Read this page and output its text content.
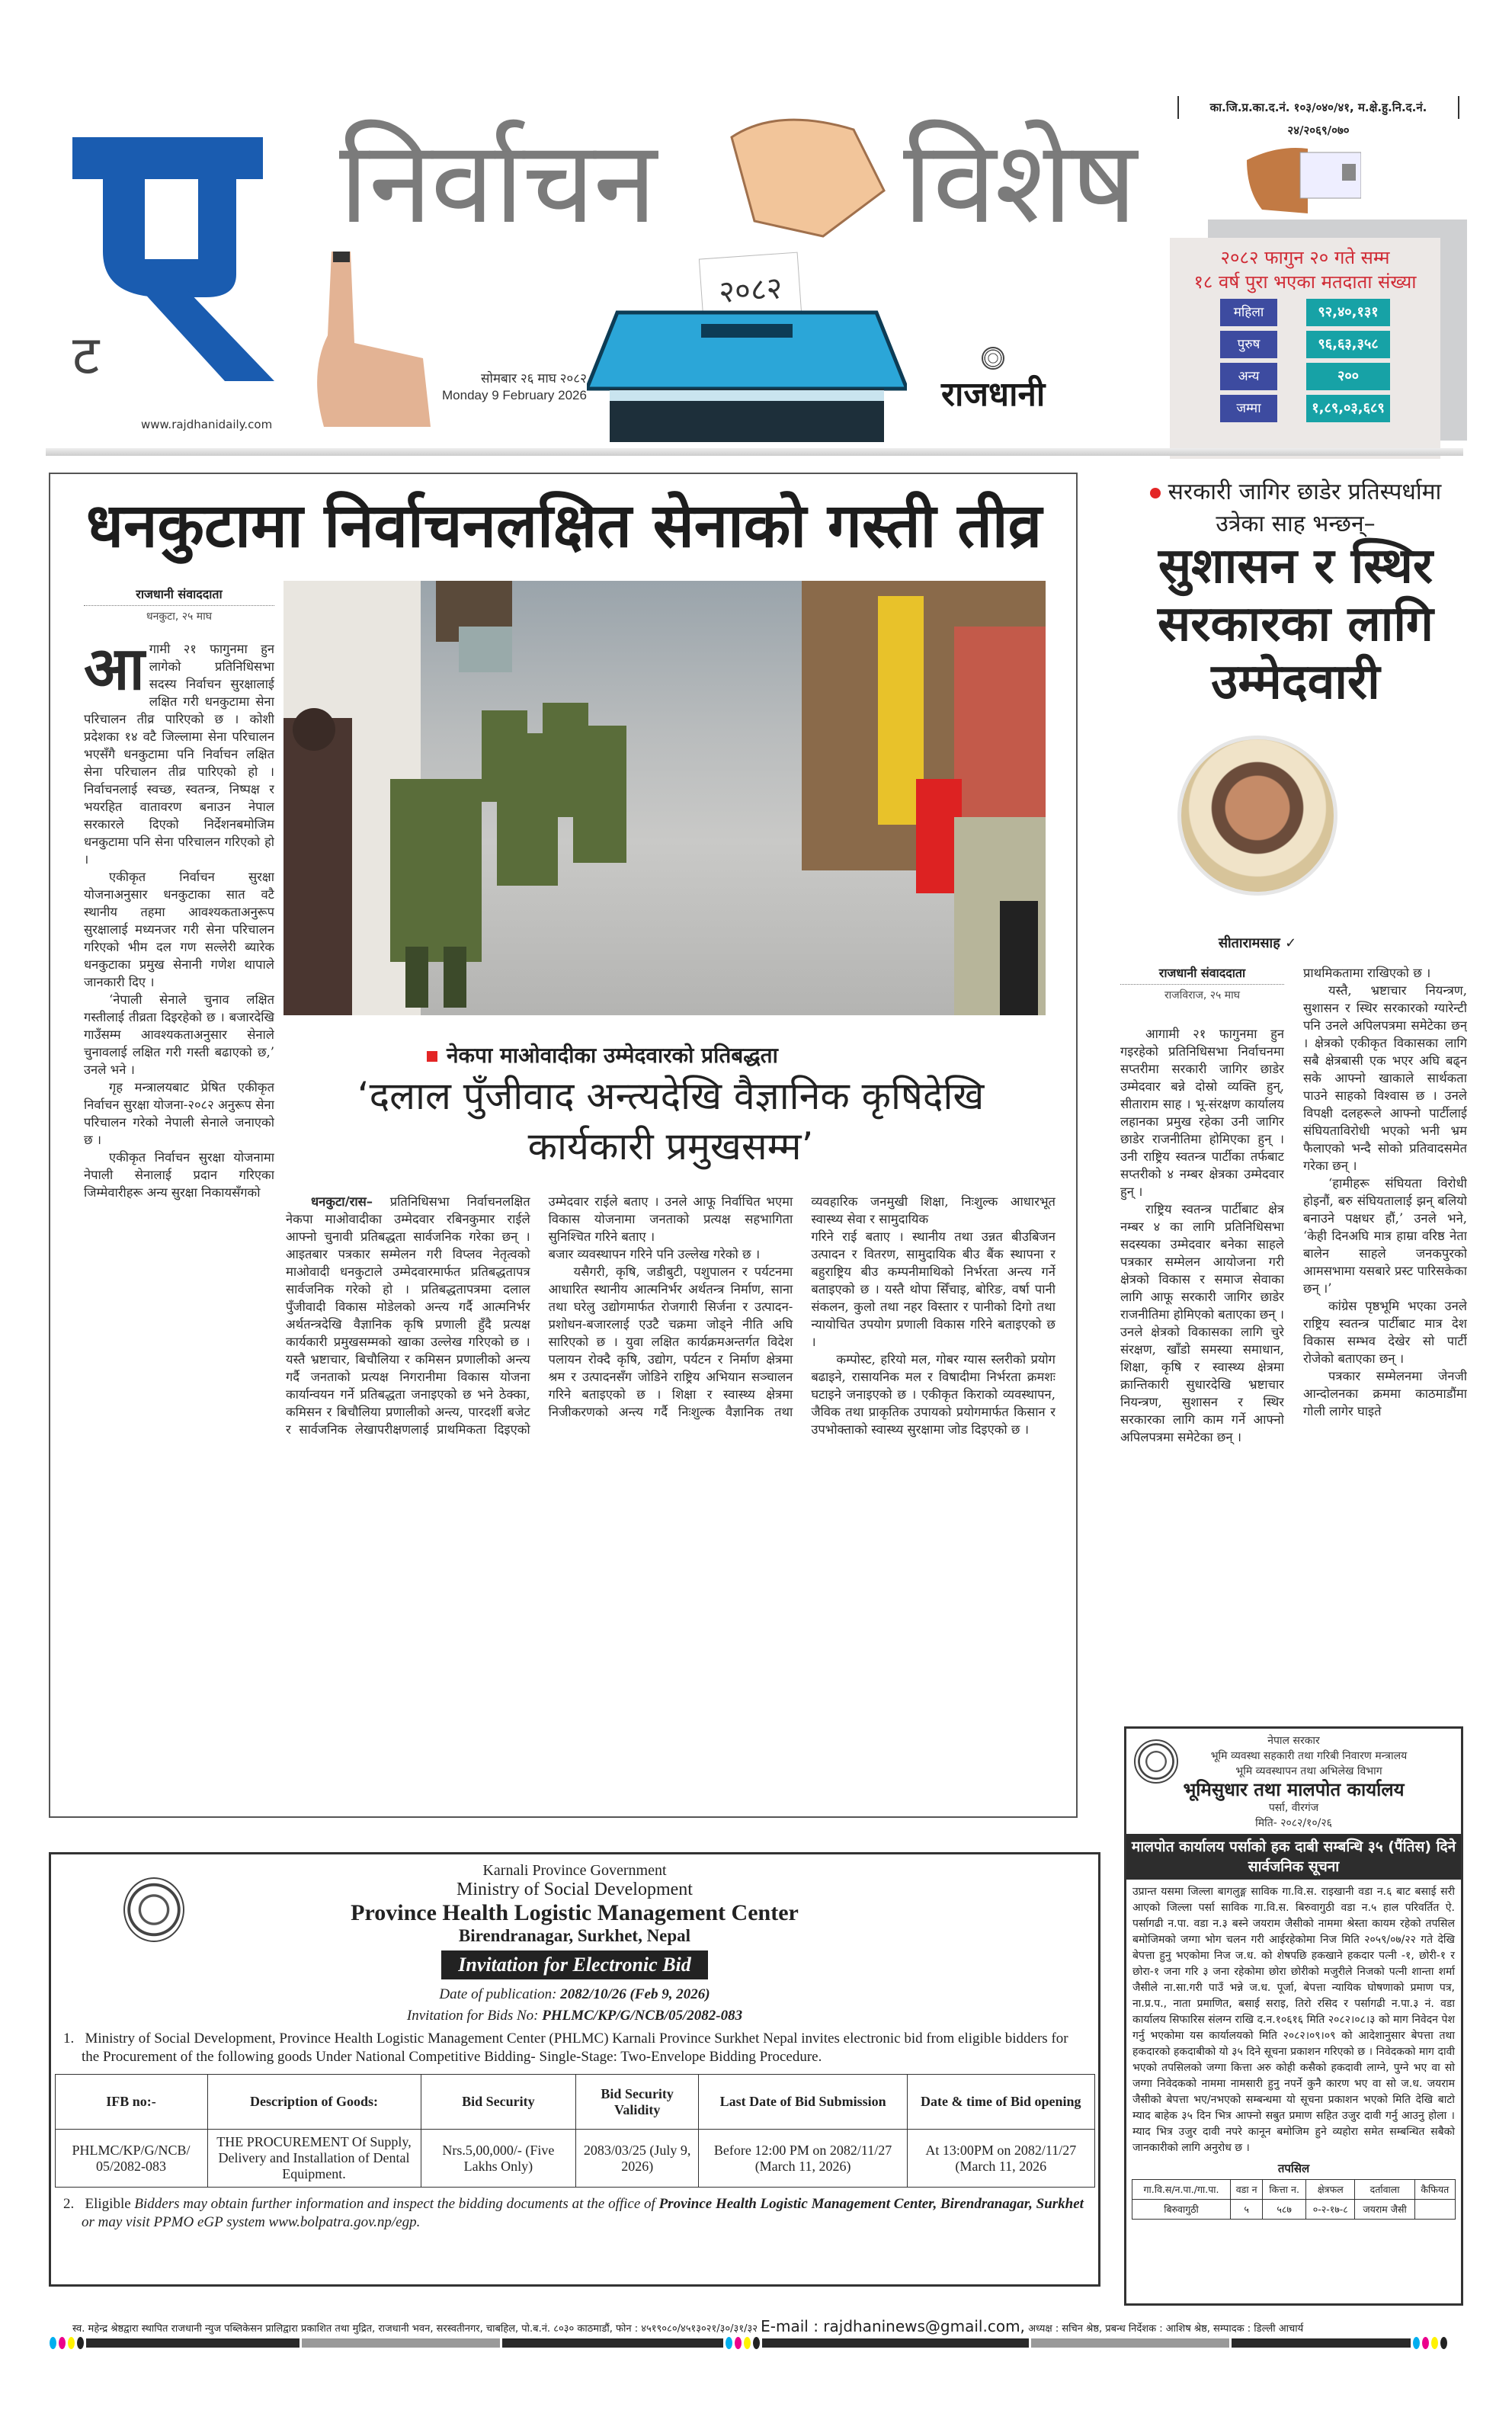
का.जि.प्र.का.द.नं. १०३/०४०/४१, म.क्षे.हु.नि.द.नं. २४/२०६९/०७०
ट
www.rajdhanidaily.com
निर्वाचन विशेष
२०८२
सोमबार २६ माघ २०८२
Monday 9 February 2026	राजधानी
२०८२ फागुन २० गते सम्म
१८ वर्ष पुरा भएका मतदाता संख्या
महिला	९२,४०,१३१
पुरुष	९६,६३,३५८
अन्य	२००
जम्मा	१,८९,०३,६८९
धनकुटामा निर्वाचनलक्षित सेनाको गस्ती तीव्र
राजधानी संवाददाता
धनकुटा, २५ माघ
आ गामी २१ फागुनमा हुन लागेको प्रतिनिधिसभा सदस्य निर्वाचन सुरक्षालाई लक्षित गरी धनकुटामा सेना परिचालन तीव्र पारिएको छ । कोशी प्रदेशका १४ वटै जिल्लामा सेना परिचालन भएसँगै धनकुटामा पनि निर्वाचन लक्षित सेना परिचालन तीव्र पारिएको हो । निर्वाचनलाई स्वच्छ, स्वतन्त्र, निष्पक्ष र भयरहित वातावरण बनाउन नेपाल सरकारले दिएको निर्देशनबमोजिम धनकुटामा पनि सेना परिचालन गरिएको हो ।

एकीकृत निर्वाचन सुरक्षा योजनाअनुसार धनकुटाका सात वटै स्थानीय तहमा आवश्यकताअनुरूप सुरक्षालाई मध्यनजर गरी सेना परिचालन गरिएको भीम दल गण सल्लेरी ब्यारेक धनकुटाका प्रमुख सेनानी गणेश थापाले जानकारी दिए ।

‘नेपाली सेनाले चुनाव लक्षित गस्तीलाई तीव्रता दिइरहेको छ । बजारदेखि गाउँसम्म आवश्यकताअनुसार सेनाले चुनावलाई लक्षित गरी गस्ती बढाएको छ,’ उनले भने ।

गृह मन्त्रालयबाट प्रेषित एकीकृत निर्वाचन सुरक्षा योजना-२०८२ अनुरूप सेना परिचालन गरेको नेपाली सेनाले जनाएको छ ।

एकीकृत निर्वाचन सुरक्षा योजनामा नेपाली सेनालाई प्रदान गरिएका जिम्मेवारीहरू अन्य सुरक्षा निकायसँगको

नेकपा माओवादीका उम्मेदवारको प्रतिबद्धता
‘दलाल पुँजीवाद अन्त्यदेखि वैज्ञानिक कृषिदेखि कार्यकारी प्रमुखसम्म’

धनकुटा/रास– प्रतिनिधिसभा निर्वाचनलक्षित नेकपा माओवादीका उम्मेदवार रबिनकुमार राईले आफ्नो चुनावी प्रतिबद्धता सार्वजनिक गरेका छन् । आइतबार पत्रकार सम्मेलन गरी विप्लव नेतृत्वको माओवादी धनकुटाले उम्मेदवारमार्फत प्रतिबद्धतापत्र सार्वजनिक गरेको हो । प्रतिबद्धतापत्रमा दलाल पुँजीवादी विकास मोडेलको अन्त्य गर्दै आत्मनिर्भर अर्थतन्त्रदेखि वैज्ञानिक कृषि प्रणाली हुँदै प्रत्यक्ष कार्यकारी प्रमुखसम्मको खाका उल्लेख गरिएको छ । यस्तै भ्रष्टाचार, बिचौलिया र कमिसन प्रणालीको अन्त्य गर्दै जनताको प्रत्यक्ष निगरानीमा विकास योजना कार्यान्वयन गर्ने प्रतिबद्धता जनाइएको छ भने ठेक्का, कमिसन र बिचौलिया प्रणालीको अन्त्य, पारदर्शी बजेट र सार्वजनिक लेखापरीक्षणलाई प्राथमिकता दिइएको उम्मेदवार राईले बताए । उनले आफू निर्वाचित भएमा विकास योजनामा जनताको प्रत्यक्ष सहभागिता सुनिश्चित गरिने बताए ।

बजार व्यवस्थापन गरिने पनि उल्लेख गरेको छ ।

यसैगरी, कृषि, जडीबुटी, पशुपालन र पर्यटनमा आधारित स्थानीय आत्मनिर्भर अर्थतन्त्र निर्माण, साना तथा घरेलु उद्योगमार्फत रोजगारी सिर्जना र उत्पादन-प्रशोधन-बजारलाई एउटै चक्रमा जोड्ने नीति अघि सारिएको छ । युवा लक्षित कार्यक्रमअन्तर्गत विदेश पलायन रोक्दै कृषि, उद्योग, पर्यटन र निर्माण क्षेत्रमा श्रम र उत्पादनसँग जोडिने राष्ट्रिय अभियान सञ्चालन गरिने बताइएको छ । शिक्षा र स्वास्थ्य क्षेत्रमा निजीकरणको अन्त्य गर्दै निःशुल्क वैज्ञानिक तथा व्यवहारिक जनमुखी शिक्षा, निःशुल्क आधारभूत स्वास्थ्य सेवा र सामुदायिक

गरिने राई बताए । स्थानीय तथा उन्नत बीउबिजन उत्पादन र वितरण, सामुदायिक बीउ बैंक स्थापना र बहुराष्ट्रिय बीउ कम्पनीमाथिको निर्भरता अन्त्य गर्ने बताइएको छ । यस्तै थोपा सिँचाइ, बोरिङ, वर्षा पानी संकलन, कुलो तथा नहर विस्तार र पानीको दिगो तथा न्यायोचित उपयोग प्रणाली विकास गरिने बताइएको छ ।

कम्पोस्ट, हरियो मल, गोबर ग्यास स्लरीको प्रयोग बढाइने, रासायनिक मल र विषादीमा निर्भरता क्रमशः घटाइने जनाइएको छ । एकीकृत किराको व्यवस्थापन, जैविक तथा प्राकृतिक उपायको प्रयोगमार्फत किसान र उपभोक्ताको स्वास्थ्य सुरक्षामा जोड दिइएको छ ।

सरकारी जागिर छाडेर प्रतिस्पर्धामा
उत्रेका साह भन्छन्–
सुशासन र स्थिर सरकारका लागि उम्मेदवारी
सीतारामसाह ✓
राजधानी संवाददाता
राजविराज, २५ माघ

आगामी २१ फागुनमा हुन गइरहेको प्रतिनिधिसभा निर्वाचनमा सप्तरीमा सरकारी जागिर छाडेर उम्मेदवार बन्ने दोस्रो व्यक्ति हुन्, सीताराम साह । भू-संरक्षण कार्यालय लहानका प्रमुख रहेका उनी जागिर छाडेर राजनीतिमा होमिएका हुन् । उनी राष्ट्रिय स्वतन्त्र पार्टीका तर्फबाट सप्तरीको ४ नम्बर क्षेत्रका उम्मेदवार हुन् ।

राष्ट्रिय स्वतन्त्र पार्टीबाट क्षेत्र नम्बर ४ का लागि प्रतिनिधिसभा सदस्यका उम्मेदवार बनेका साहले पत्रकार सम्मेलन आयोजना गरी क्षेत्रको विकास र समाज सेवाका लागि आफू सरकारी जागिर छाडेर राजनीतिमा होमिएको बताएका छन् । उनले क्षेत्रको विकासका लागि चुरे संरक्षण, खाँडो समस्या समाधान, शिक्षा, कृषि र स्वास्थ्य क्षेत्रमा क्रान्तिकारी सुधारदेखि भ्रष्टाचार नियन्त्रण, सुशासन र स्थिर सरकारका लागि काम गर्ने आफ्नो अपिलपत्रमा समेटेका छन् ।

प्राथमिकतामा राखिएको छ ।

यस्तै, भ्रष्टाचार नियन्त्रण, सुशासन र स्थिर सरकारको ग्यारेन्टी पनि उनले अपिलपत्रमा समेटेका छन् । क्षेत्रको एकीकृत विकासका लागि सबै क्षेत्रबासी एक भएर अघि बढ्न सके आफ्नो खाकाले सार्थकता पाउने साहको विश्वास छ । उनले विपक्षी दलहरूले आफ्नो पार्टीलाई संघियताविरोधी भएको भनी भ्रम फैलाएको भन्दै सोको प्रतिवादसमेत गरेका छन् ।

‘हामीहरू संघियता विरोधी होइनौं, बरु संघियतालाई झन् बलियो बनाउने पक्षधर हौं,’ उनले भने, ‘केही दिनअघि मात्र हाम्रा वरिष्ठ नेता बालेन साहले जनकपुरको आमसभामा यसबारे प्रस्ट पारिसकेका छन् ।’

कांग्रेस पृष्ठभूमि भएका उनले राष्ट्रिय स्वतन्त्र पार्टीबाट मात्र देश विकास सम्भव देखेर सो पार्टी रोजेको बताएका छन् ।

पत्रकार सम्मेलनमा जेनजी आन्दोलनका क्रममा काठमाडौंमा गोली लागेर घाइते

नेपाल सरकार
भूमि व्यवस्था सहकारी तथा गरिबी निवारण मन्त्रालय
भूमि व्यवस्थापन तथा अभिलेख विभाग
भूमिसुधार तथा मालपोत कार्यालय
पर्सा, वीरगंज
मिति- २०८२/१०/२६
मालपोत कार्यालय पर्साको हक दाबी सम्बन्धि ३५ (पैंतिस) दिने सार्वजनिक सूचना
उप्रान्त यसमा जिल्ला बागलुङ्ग साविक गा.वि.स. राइखानी वडा न.६ बाट बसाई सरी आएको जिल्ला पर्सा साविक गा.वि.स. बिरुवागुठी वडा न.५ हाल परिवर्तित ऐ. पर्सागढी न.पा. वडा न.३ बस्ने जयराम जैसीको नाममा श्रेस्ता कायम रहेको तपसिल बमोजिमको जग्गा भोग चलन गरी आईरहेकोमा निज मिति २०५९/०७/२२ गते देखि बेपत्ता हुनु भएकोमा निज ज.ध. को शेषपछि हकखाने हकदार पत्नी -१, छोरी-१ र छोरा-१ जना गरि ३ जना रहेकोमा छोरा छोरीको मजुरीले निजको पत्नी शान्ता शर्मा जैसीले ना.सा.गरी पाउँ भन्ने ज.ध. पूर्जा, बेपत्ता न्यायिक घोषणाको प्रमाण पत्र, ना.प्र.प., नाता प्रमाणित, बसाई सराइ, तिरो रसिद र पर्सागढी न.पा.३ नं. वडा कार्यालय सिफारिस संलग्न राखि द.न.१०६१६ मिति २०८२।०८।३ को माग निवेदन पेश गर्नु भएकोमा यस कार्यालयको मिति २०८२।०९।०९ को आदेशानुसार बेपत्ता तथा हकदारको हकदाबीको यो ३५ दिने सूचना प्रकाशन गरिएको छ । निवेदकको माग दावी भएको तपसिलको जग्गा कित्ता अरु कोही कसैको हकदावी लाग्ने, पुग्ने भए वा सो जग्गा निवेदकको नाममा नामसारी हुनु नपर्ने कुनै कारण भए वा सो ज.ध. जयराम जैसीको बेपत्ता भए/नभएको सम्बन्धमा यो सूचना प्रकाशन भएको मिति देखि बाटो म्याद बाहेक ३५ दिन भित्र आफ्नो सबुत प्रमाण सहित उजुर दावी गर्नु आउनु होला । म्याद भित्र उजुर दावी नपरे कानून बमोजिम हुने व्यहोरा समेत सम्बन्धित सबैको जानकारीको लागि अनुरोध छ ।
तपसिल
गा.वि.स/न.पा./गा.पा.	वडा न	कित्ता न.	क्षेत्रफल	दर्तावाला	कैफियत
बिरुवागुठी	५	५८७	०-२-१७-८	जयराम जैसी	
Karnali Province Government
Ministry of Social Development
Province Health Logistic Management Center
Birendranagar, Surkhet, Nepal
Invitation for Electronic Bid
Date of publication: 2082/10/26 (Feb 9, 2026)
Invitation for Bids No: PHLMC/KP/G/NCB/05/2082-083
1. Ministry of Social Development, Province Health Logistic Management Center (PHLMC) Karnali Province Surkhet Nepal invites electronic bid from eligible bidders for the Procurement of the following goods Under National Competitive Bidding- Single-Stage: Two-Envelope Bidding Procedure.
IFB no:-	Description of Goods:	Bid Security	Bid Security Validity	Last Date of Bid Submission	Date & time of Bid opening
PHLMC/KP/G/NCB/ 05/2082-083	THE PROCUREMENT Of Supply, Delivery and Installation of Dental Equipment.	Nrs.5,00,000/- (Five Lakhs Only)	2083/03/25 (July 9, 2026)	Before 12:00 PM on 2082/11/27 (March 11, 2026)	At 13:00PM on 2082/11/27 (March 11, 2026
2. Eligible Bidders may obtain further information and inspect the bidding documents at the office of Province Health Logistic Management Center, Birendranagar, Surkhet or may visit PPMO eGP system www.bolpatra.gov.np/egp.
स्व. महेन्द्र श्रेष्ठद्वारा स्थापित राजधानी न्युज पब्लिकेसन प्रालिद्वारा प्रकाशित तथा मुद्रित, राजधानी भवन, सरस्वतीनगर, चाबहिल, पो.ब.नं. ८०३० काठमाडौं, फोन : ४५१९०८०/४५१३०२१/३०/३१/३२ E-mail : rajdhaninews@gmail.com, अध्यक्ष : सचिन श्रेष्ठ, प्रबन्ध निर्देशक : आशिष श्रेष्ठ, सम्पादक : डिल्ली आचार्य
